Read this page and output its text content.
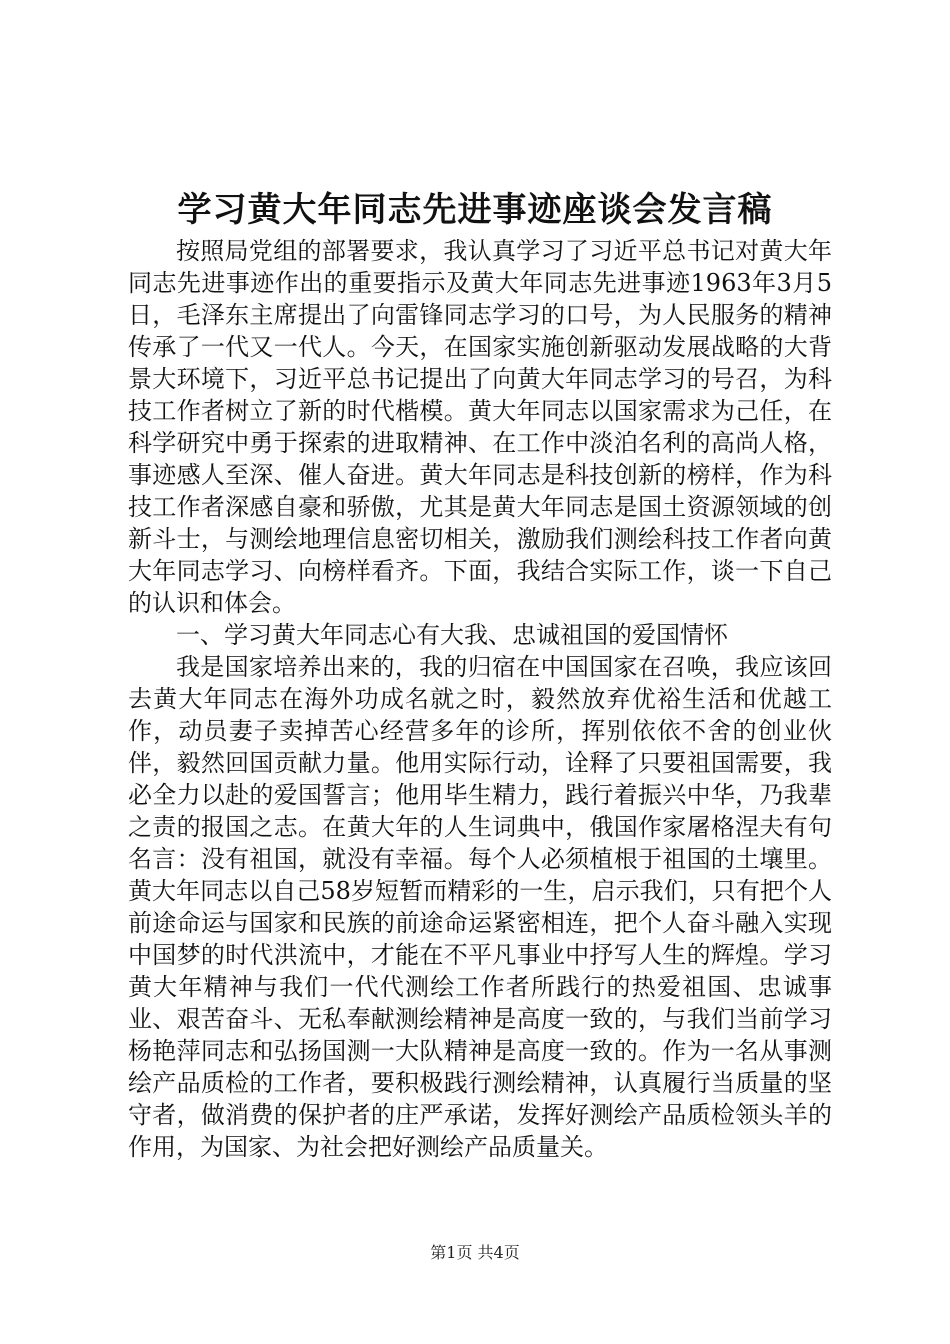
学习黄大年同志先进事迹座谈会发言稿

按照局党组的部署要求，我认真学习了习近平总书记对黄大年同志先进事迹作出的重要指示及黄大年同志先进事迹1963年3月5日，毛泽东主席提出了向雷锋同志学习的口号，为人民服务的精神传承了一代又一代人。今天，在国家实施创新驱动发展战略的大背景大环境下，习近平总书记提出了向黄大年同志学习的号召，为科技工作者树立了新的时代楷模。黄大年同志以国家需求为己任，在科学研究中勇于探索的进取精神、在工作中淡泊名利的高尚人格，事迹感人至深、催人奋进。黄大年同志是科技创新的榜样，作为科技工作者深感自豪和骄傲，尤其是黄大年同志是国土资源领域的创新斗士，与测绘地理信息密切相关，激励我们测绘科技工作者向黄大年同志学习、向榜样看齐。下面，我结合实际工作，谈一下自己的认识和体会。

一、学习黄大年同志心有大我、忠诚祖国的爱国情怀

我是国家培养出来的，我的归宿在中国国家在召唤，我应该回去黄大年同志在海外功成名就之时，毅然放弃优裕生活和优越工作，动员妻子卖掉苦心经营多年的诊所，挥别依依不舍的创业伙伴，毅然回国贡献力量。他用实际行动，诠释了只要祖国需要，我必全力以赴的爱国誓言；他用毕生精力，践行着振兴中华，乃我辈之责的报国之志。在黄大年的人生词典中，俄国作家屠格涅夫有句名言：没有祖国，就没有幸福。每个人必须植根于祖国的土壤里。黄大年同志以自己58岁短暂而精彩的一生，启示我们，只有把个人前途命运与国家和民族的前途命运紧密相连，把个人奋斗融入实现中国梦的时代洪流中，才能在不平凡事业中抒写人生的辉煌。学习黄大年精神与我们一代代测绘工作者所践行的热爱祖国、忠诚事业、艰苦奋斗、无私奉献测绘精神是高度一致的，与我们当前学习杨艳萍同志和弘扬国测一大队精神是高度一致的。作为一名从事测绘产品质检的工作者，要积极践行测绘精神，认真履行当质量的坚守者，做消费的保护者的庄严承诺，发挥好测绘产品质检领头羊的作用，为国家、为社会把好测绘产品质量关。

第1页 共4页
